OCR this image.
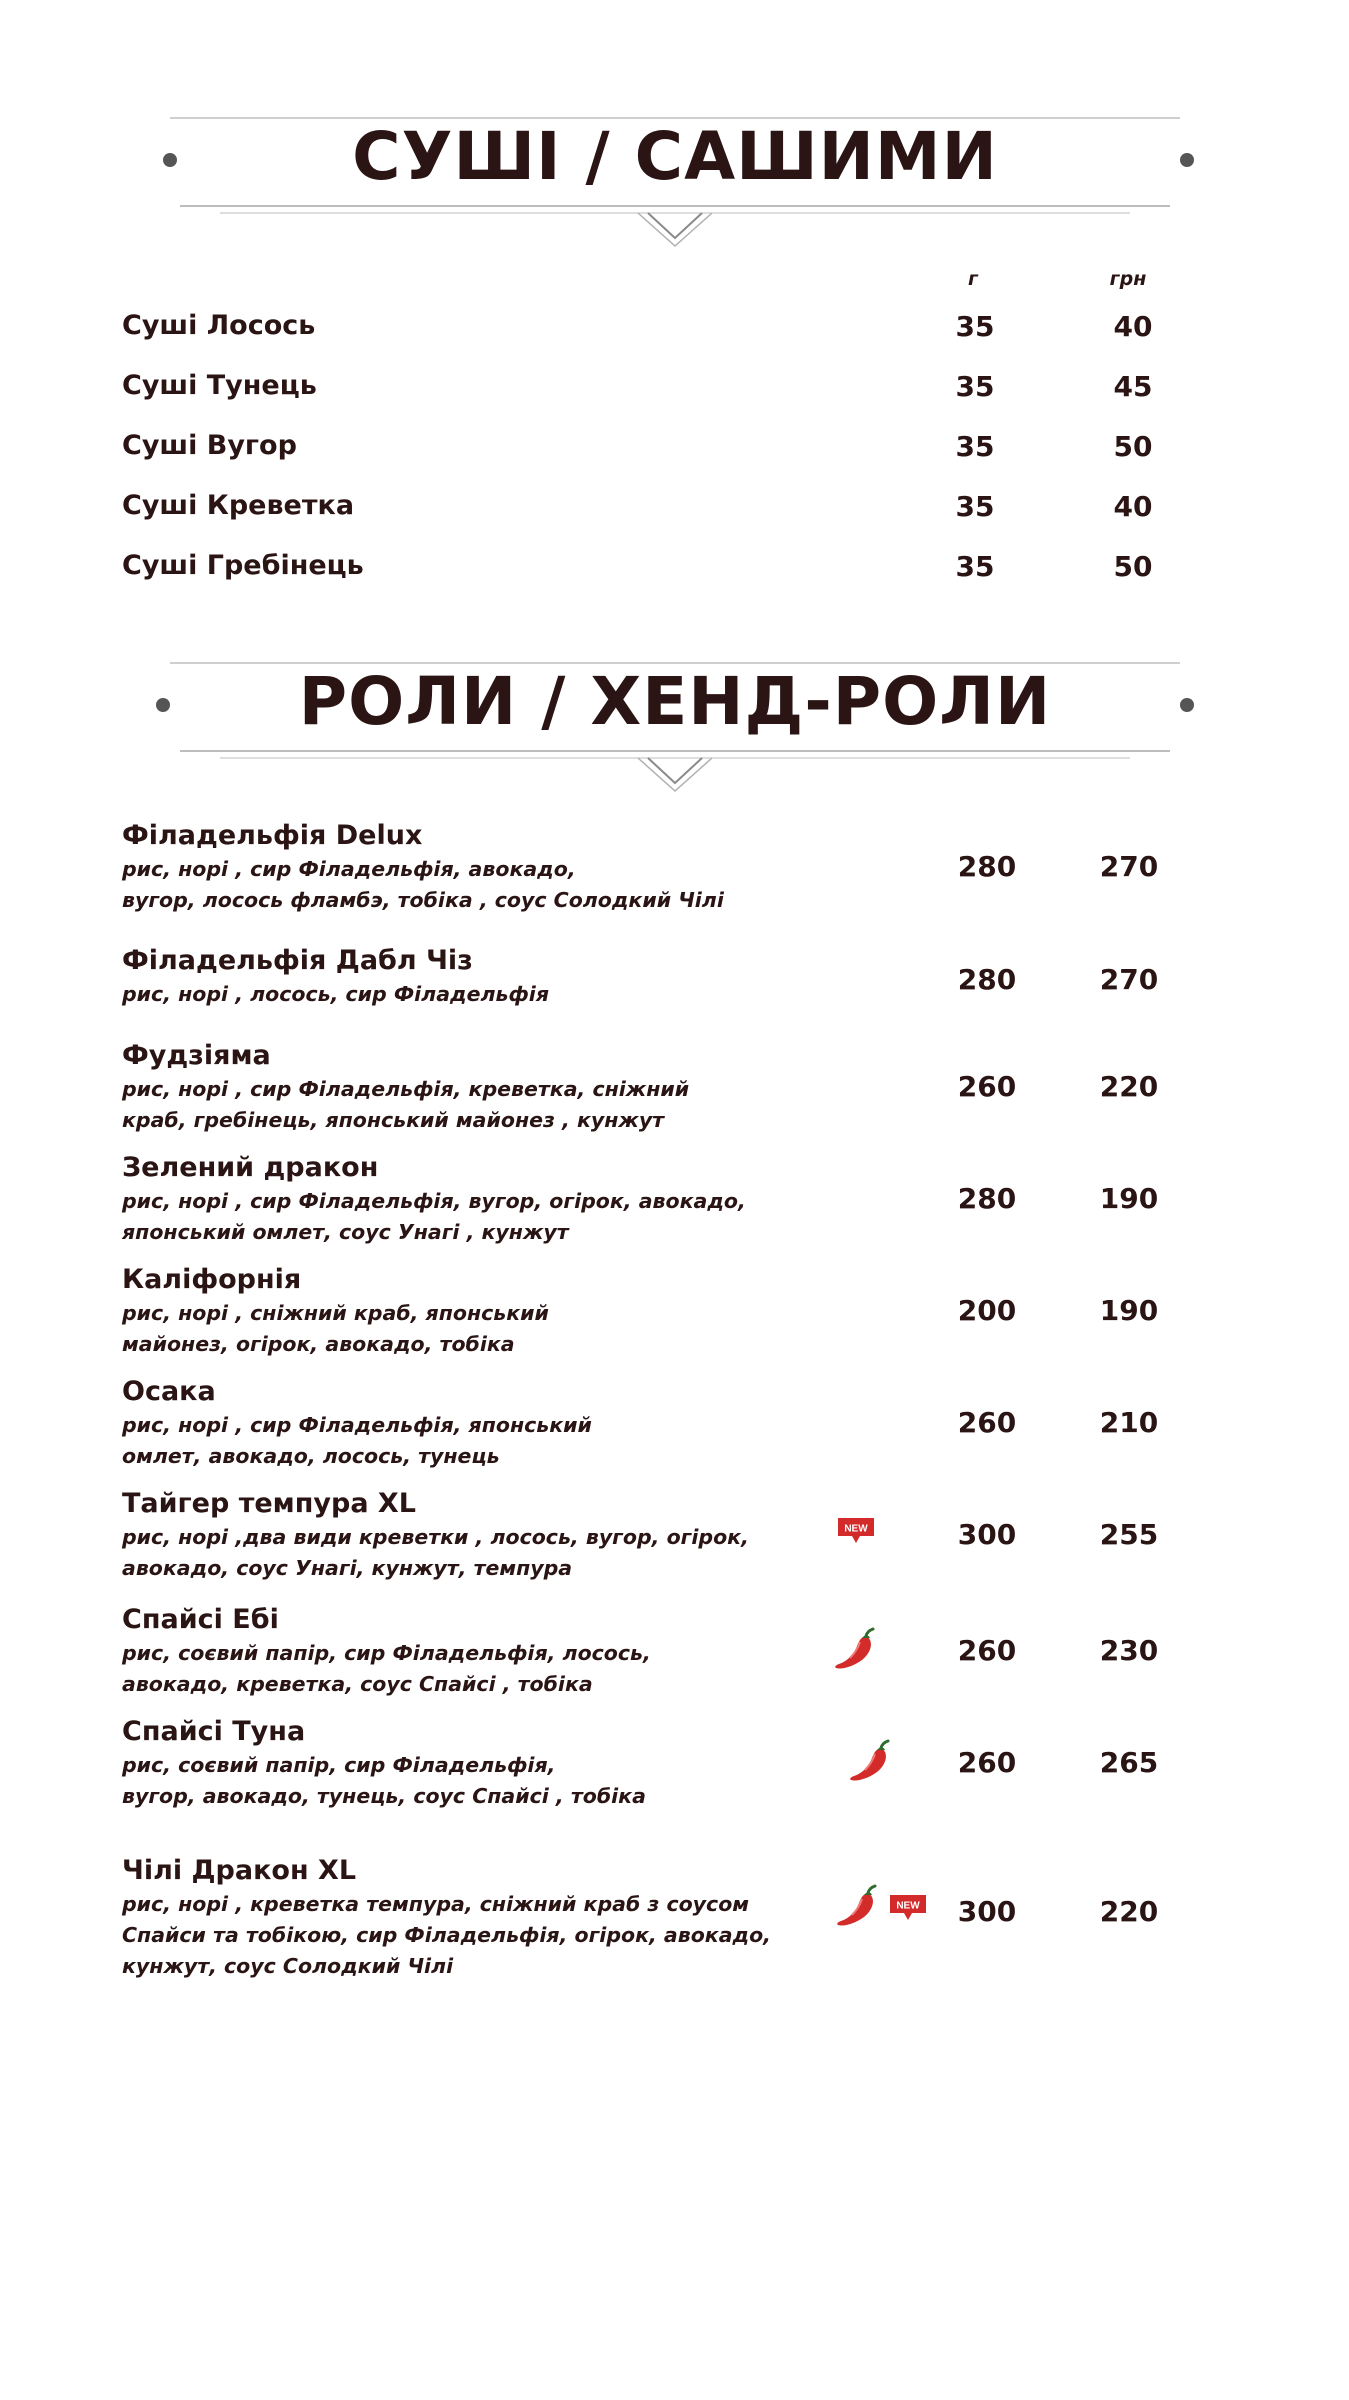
СУШІ / САШИМИ
г	грн
Суші Лосось	35	40
Суші Тунець	35	45
Суші Вугор	35	50
Суші Креветка	35	40
Суші Гребінець	35	50
РОЛИ / ХЕНД-РОЛИ
Філадельфія Delux
рис, норі , сир Філадельфія, авокадо,
вугор, лосось фламбэ, тобіка , соус Солодкий Чілі
280	270
Філадельфія Дабл Чіз
рис, норі , лосось, сир Філадельфія	280	270
Фудзіяма
рис, норі , сир Філадельфія, креветка, сніжний
краб, гребінець, японський майонез , кунжут
260	220
Зелений дракон
рис, норі , сир Філадельфія, вугор, огірок, авокадо,
японський омлет, соус Унагі , кунжут
280	190
Каліфорнія
рис, норі , сніжний краб, японський
майонез, огірок, авокадо, тобіка
200	190
Осака
рис, норі , сир Філадельфія, японський
омлет, авокадо, лосось, тунець
260	210
Тайгер темпура XL
рис, норі ,два види креветки , лосось, вугор, огірок,
авокадо, соус Унагі, кунжут, темпура
300	255
NEW
Спайсі Ебі
рис, соєвий папір, сир Філадельфія, лосось,
авокадо, креветка, соус Спайсі , тобіка
260	230
Спайсі Туна
рис, соєвий папір, сир Філадельфія,
вугор, авокадо, тунець, соус Спайсі , тобіка
260	265
Чілі Дракон XL
рис, норі , креветка темпура, сніжний краб з соусом
Спайси та тобікою, сир Філадельфія, огірок, авокадо,
кунжут, соус Солодкий Чілі
300	220
NEW
